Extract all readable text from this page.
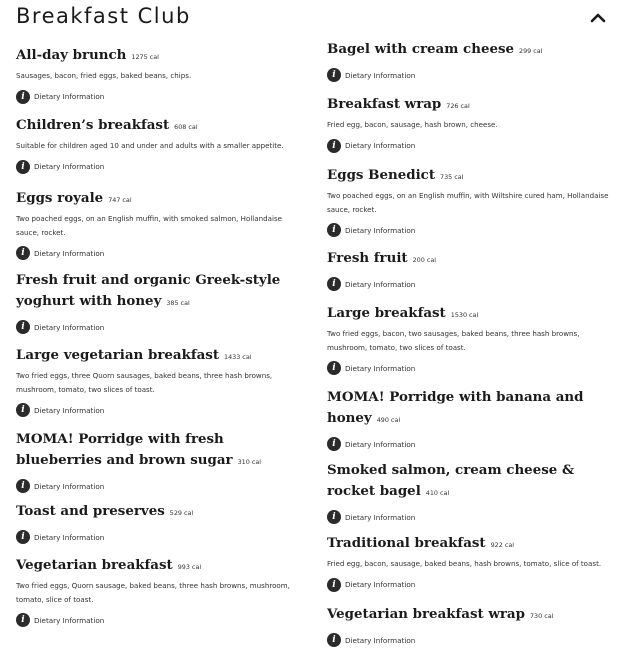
Breakfast Club
All-day brunch 1275 cal
Sausages, bacon, fried eggs, baked beans, chips.
i	Dietary Information
Children’s breakfast 608 cal
Suitable for children aged 10 and under and adults with a smaller appetite.
i	Dietary Information
Eggs royale 747 cal
Two poached eggs, on an English muffin, with smoked salmon, Hollandaise sauce, rocket.
i	Dietary Information
Fresh fruit and organic Greek-style yoghurt with honey 385 cal
i	Dietary Information
Large vegetarian breakfast 1433 cal
Two fried eggs, three Quorn sausages, baked beans, three hash browns, mushroom, tomato, two slices of toast.
i	Dietary Information
MOMA! Porridge with fresh blueberries and brown sugar 310 cal
i	Dietary Information
Toast and preserves 529 cal
i	Dietary Information
Vegetarian breakfast 993 cal
Two fried eggs, Quorn sausage, baked beans, three hash browns, mushroom, tomato, slice of toast.
i	Dietary Information
Bagel with cream cheese 299 cal
i	Dietary Information
Breakfast wrap 726 cal
Fried egg, bacon, sausage, hash brown, cheese.
i	Dietary Information
Eggs Benedict 735 cal
Two poached eggs, on an English muffin, with Wiltshire cured ham, Hollandaise sauce, rocket.
i	Dietary Information
Fresh fruit 200 cal
i	Dietary Information
Large breakfast 1530 cal
Two fried eggs, bacon, two sausages, baked beans, three hash browns, mushroom, tomato, two slices of toast.
i	Dietary Information
MOMA! Porridge with banana and honey 490 cal
i	Dietary Information
Smoked salmon, cream cheese & rocket bagel 410 cal
i	Dietary Information
Traditional breakfast 922 cal
Fried egg, bacon, sausage, baked beans, hash browns, tomato, slice of toast.
i	Dietary Information
Vegetarian breakfast wrap 730 cal
i	Dietary Information
